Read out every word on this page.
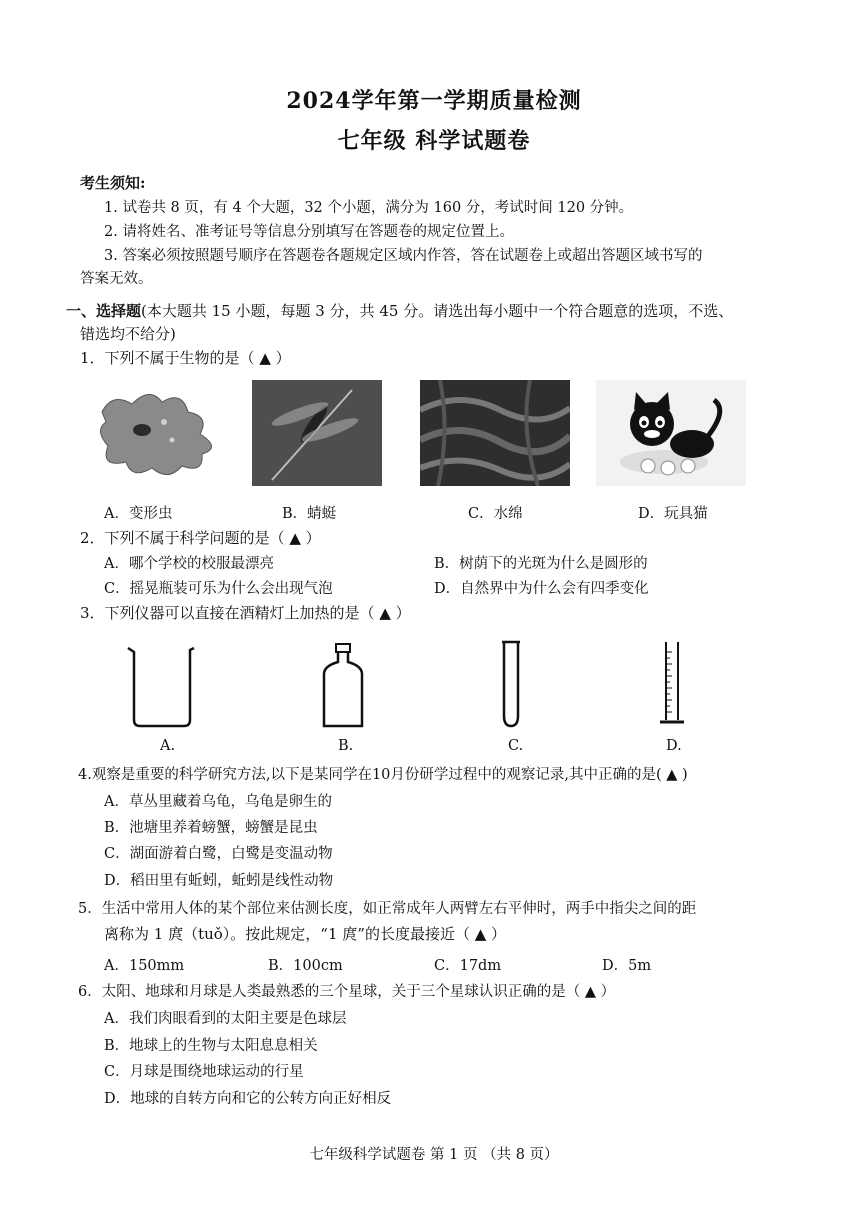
2024学年第一学期质量检测
七年级 科学试题卷
考生须知:
1. 试卷共 8 页，有 4 个大题，32 个小题，满分为 160 分，考试时间 120 分钟。
2. 请将姓名、准考证号等信息分别填写在答题卷的规定位置上。
3. 答案必须按照题号顺序在答题卷各题规定区域内作答，答在试题卷上或超出答题区域书写的
答案无效。
一、选择题(本大题共 15 小题，每题 3 分，共 45 分。请选出每小题中一个符合题意的选项，不选、
错选均不给分)
1．下列不属于生物的是（ ▲ ）
A．变形虫	B．蜻蜓	C．水绵	D．玩具猫
2．下列不属于科学问题的是（ ▲ ）
A．哪个学校的校服最漂亮	B．树荫下的光斑为什么是圆形的
C．摇晃瓶装可乐为什么会出现气泡	D．自然界中为什么会有四季变化
3．下列仪器可以直接在酒精灯上加热的是（ ▲ ）
A.	B.	C.	D.
4.观察是重要的科学研究方法,以下是某同学在10月份研学过程中的观察记录,其中正确的是( ▲ )
A．草丛里藏着乌龟，乌龟是卵生的
B．池塘里养着螃蟹，螃蟹是昆虫
C．湖面游着白鹭，白鹭是变温动物
D．稻田里有蚯蚓，蚯蚓是线性动物
5．生活中常用人体的某个部位来估测长度，如正常成年人两臂左右平伸时，两手中指尖之间的距
离称为 1 庹（tuǒ）。按此规定，“1 庹”的长度最接近（ ▲ ）
A．150mm	B．100cm	C．17dm	D．5m
6．太阳、地球和月球是人类最熟悉的三个星球，关于三个星球认识正确的是（ ▲ ）
A．我们肉眼看到的太阳主要是色球层
B．地球上的生物与太阳息息相关
C．月球是围绕地球运动的行星
D．地球的自转方向和它的公转方向正好相反
七年级科学试题卷 第 1 页 （共 8 页）
